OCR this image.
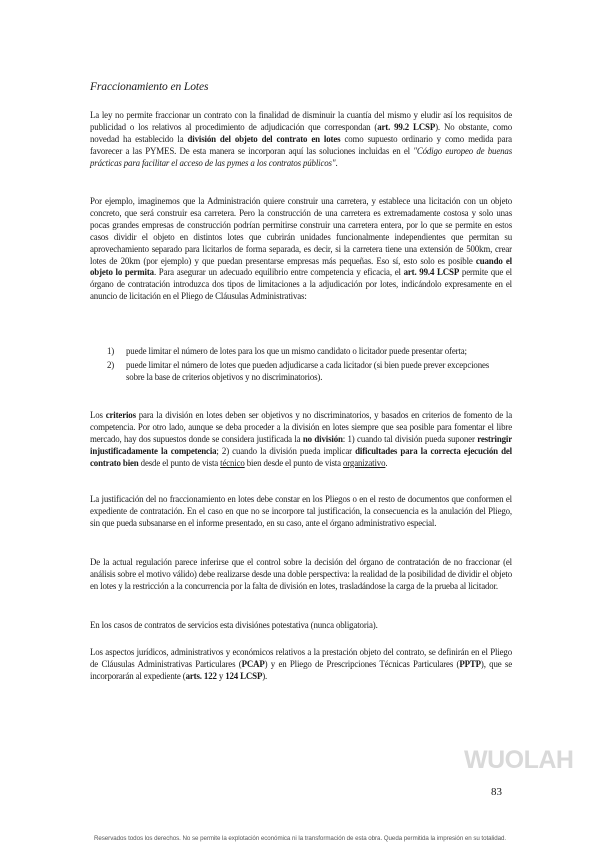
Fraccionamiento en Lotes

La ley no permite fraccionar un contrato con la finalidad de disminuir la cuantía del mismo y eludir así los requisitos de publicidad o los relativos al procedimiento de adjudicación que correspondan (art. 99.2 LCSP). No obstante, como novedad ha establecido la división del objeto del contrato en lotes como supuesto ordinario y como medida para favorecer a las PYMES. De esta manera se incorporan aquí las soluciones incluidas en el "Código europeo de buenas prácticas para facilitar el acceso de las pymes a los contratos públicos".

Por ejemplo, imaginemos que la Administración quiere construir una carretera, y establece una licitación con un objeto concreto, que será construir esa carretera. Pero la construcción de una carretera es extremadamente costosa y solo unas pocas grandes empresas de construcción podrían permitirse construir una carretera entera, por lo que se permite en estos casos dividir el objeto en distintos lotes que cubrirán unidades funcionalmente independientes que permitan su aprovechamiento separado para licitarlos de forma separada, es decir, si la carretera tiene una extensión de 500km, crear lotes de 20km (por ejemplo) y que puedan presentarse empresas más pequeñas. Eso sí, esto solo es posible cuando el objeto lo permita. Para asegurar un adecuado equilibrio entre competencia y eficacia, el art. 99.4 LCSP permite que el órgano de contratación introduzca dos tipos de limitaciones a la adjudicación por lotes, indicándolo expresamente en el anuncio de licitación en el Pliego de Cláusulas Administrativas:

1) puede limitar el número de lotes para los que un mismo candidato o licitador puede presentar oferta;
2) puede limitar el número de lotes que pueden adjudicarse a cada licitador (si bien puede prever excepciones sobre la base de criterios objetivos y no discriminatorios).

Los criterios para la división en lotes deben ser objetivos y no discriminatorios, y basados en criterios de fomento de la competencia. Por otro lado, aunque se deba proceder a la división en lotes siempre que sea posible para fomentar el libre mercado, hay dos supuestos donde se considera justificada la no división: 1) cuando tal división pueda suponer restringir injustificadamente la competencia; 2) cuando la división pueda implicar dificultades para la correcta ejecución del contrato bien desde el punto de vista técnico bien desde el punto de vista organizativo.

La justificación del no fraccionamiento en lotes debe constar en los Pliegos o en el resto de documentos que conformen el expediente de contratación. En el caso en que no se incorpore tal justificación, la consecuencia es la anulación del Pliego, sin que pueda subsanarse en el informe presentado, en su caso, ante el órgano administrativo especial.

De la actual regulación parece inferirse que el control sobre la decisión del órgano de contratación de no fraccionar (el análisis sobre el motivo válido) debe realizarse desde una doble perspectiva: la realidad de la posibilidad de dividir el objeto en lotes y la restricción a la concurrencia por la falta de división en lotes, trasladándose la carga de la prueba al licitador.

En los casos de contratos de servicios esta divisiónes potestativa (nunca obligatoria).

Los aspectos jurídicos, administrativos y económicos relativos a la prestación objeto del contrato, se definirán en el Pliego de Cláusulas Administrativas Particulares (PCAP) y en Pliego de Prescripciones Técnicas Particulares (PPTP), que se incorporarán al expediente (arts. 122 y 124 LCSP).

WUOLAH
83
Reservados todos los derechos. No se permite la explotación económica ni la transformación de esta obra. Queda permitida la impresión en su totalidad.
